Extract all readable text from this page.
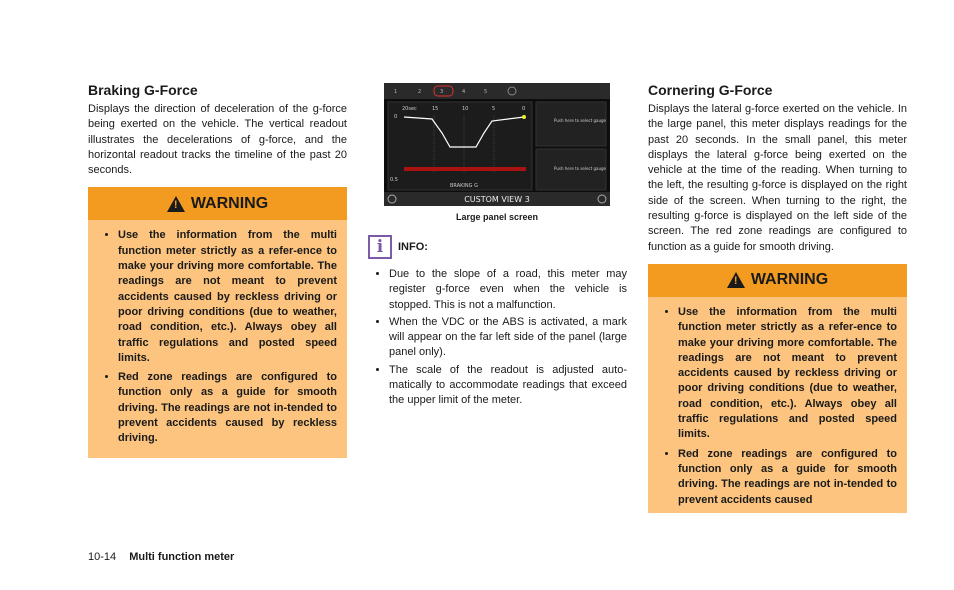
Braking G-Force

Displays the direction of deceleration of the g-force being exerted on the vehicle. The vertical readout illustrates the decelerations of g-force, and the horizontal readout tracks the timeline of the past 20 seconds.

! WARNING
• Use the information from the multi function meter strictly as a refer-ence to make your driving more comfortable. The readings are not meant to prevent accidents caused by reckless driving or poor driving conditions (due to weather, road condition, etc.). Always obey all traffic regulations and posted speed limits.
• Red zone readings are configured to function only as a guide for smooth driving. The readings are not in-tended to prevent accidents caused by reckless driving.
1	2	3	4	5
20sec	15	10	5	0
0
0.5
BRAKING G
Push here to select gauge
Push here to select gauge
CUSTOM VIEW 3
Large panel screen
i	INFO:
• Due to the slope of a road, this meter may register g-force even when the vehicle is stopped. This is not a malfunction.
• When the VDC or the ABS is activated, a mark will appear on the far left side of the panel (large panel only).
• The scale of the readout is adjusted auto-matically to accommodate readings that exceed the upper limit of the meter.
Cornering G-Force

Displays the lateral g-force exerted on the vehicle. In the large panel, this meter displays readings for the past 20 seconds. In the small panel, this meter displays the lateral g-force being exerted on the vehicle at the time of the reading. When turning to the left, the resulting g-force is displayed on the right side of the screen. When turning to the right, the resulting g-force is displayed on the left side of the screen. The red zone readings are configured to function as a guide for smooth driving.

! WARNING
• Use the information from the multi function meter strictly as a refer-ence to make your driving more comfortable. The readings are not meant to prevent accidents caused by reckless driving or poor driving conditions (due to weather, road condition, etc.). Always obey all traffic regulations and posted speed limits.
• Red zone readings are configured to function only as a guide for smooth driving. The readings are not in-tended to prevent accidents caused
10-14 Multi function meter
